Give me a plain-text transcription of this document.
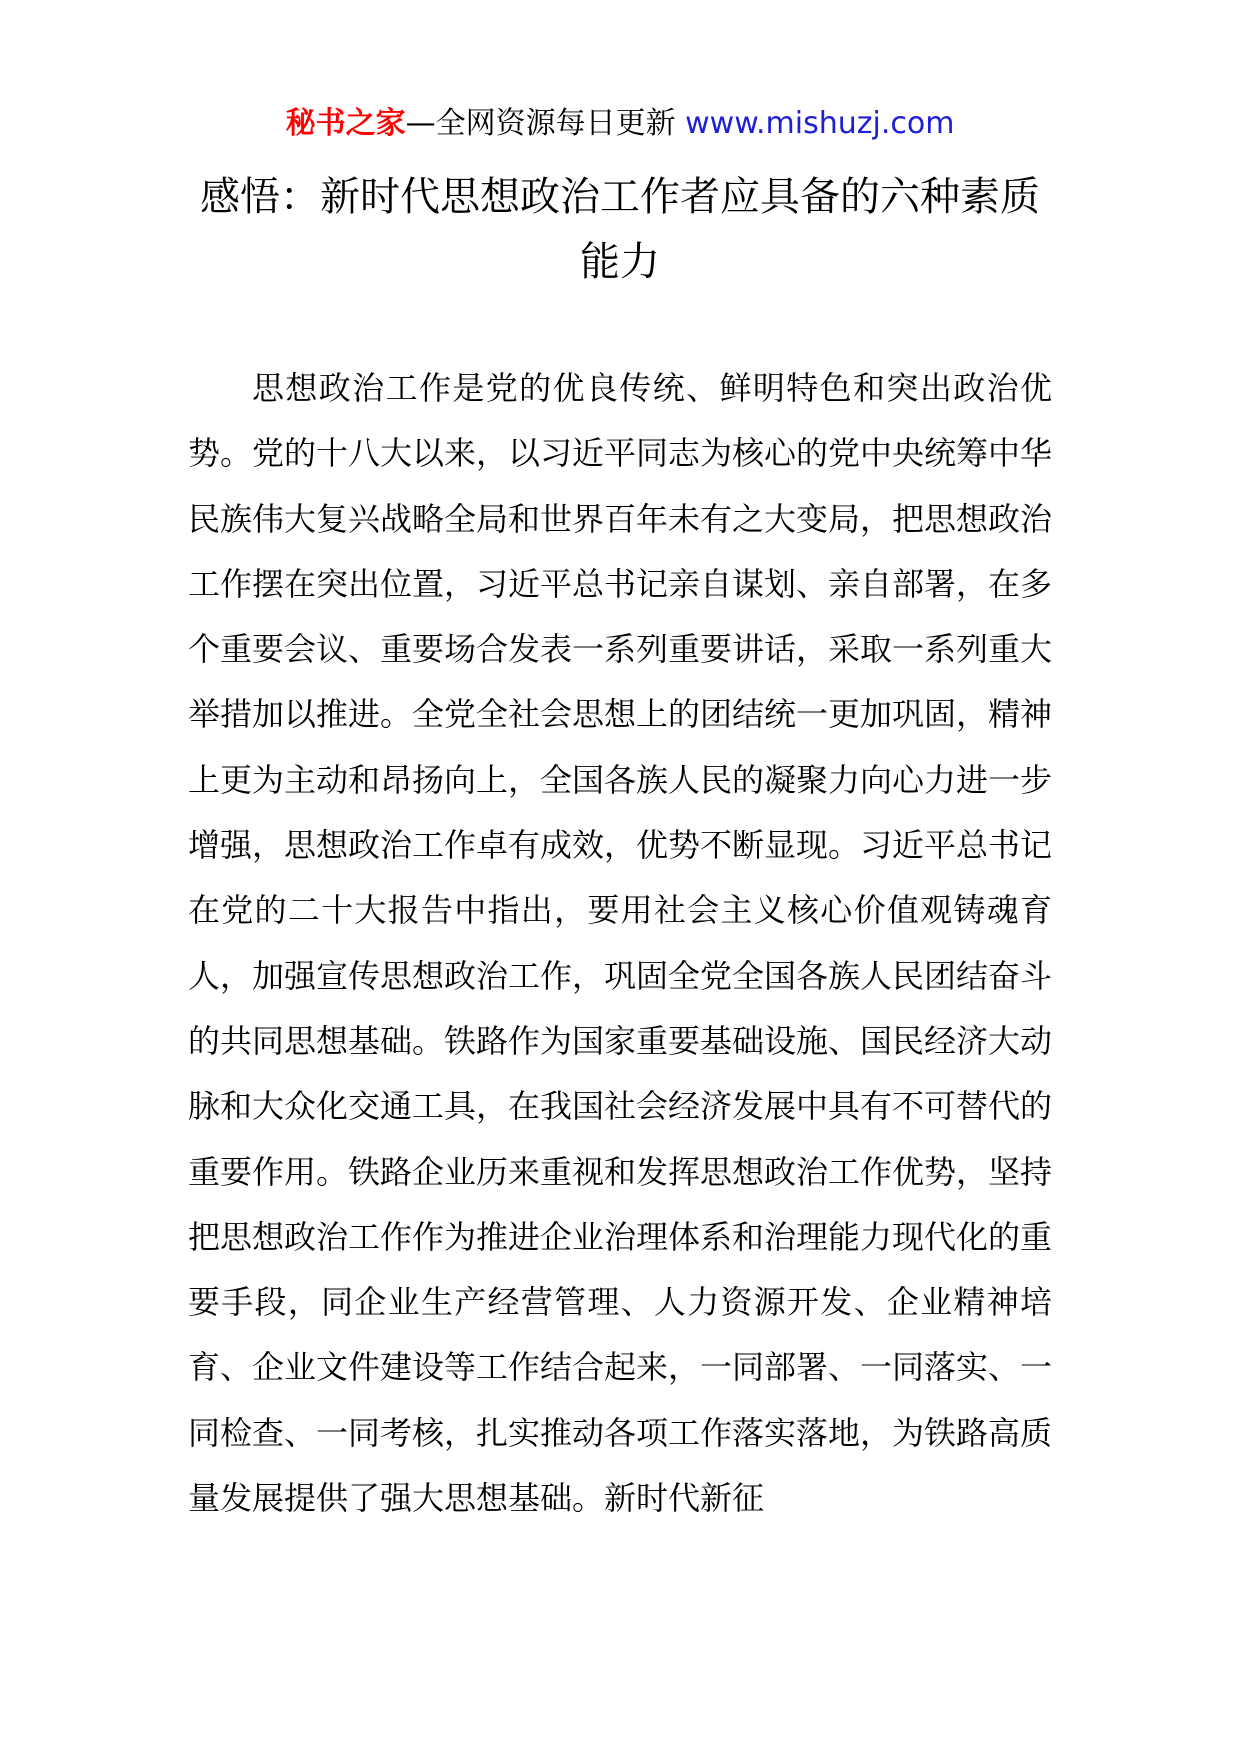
秘书之家—全网资源每日更新 www.mishuzj.com
感悟：新时代思想政治工作者应具备的六种素质能力

思想政治工作是党的优良传统、鲜明特色和突出政治优势。党的十八大以来，以习近平同志为核心的党中央统筹中华民族伟大复兴战略全局和世界百年未有之大变局，把思想政治工作摆在突出位置，习近平总书记亲自谋划、亲自部署，在多个重要会议、重要场合发表一系列重要讲话，采取一系列重大举措加以推进。全党全社会思想上的团结统一更加巩固，精神上更为主动和昂扬向上，全国各族人民的凝聚力向心力进一步增强，思想政治工作卓有成效，优势不断显现。习近平总书记在党的二十大报告中指出，要用社会主义核心价值观铸魂育人，加强宣传思想政治工作，巩固全党全国各族人民团结奋斗的共同思想基础。铁路作为国家重要基础设施、国民经济大动脉和大众化交通工具，在我国社会经济发展中具有不可替代的重要作用。铁路企业历来重视和发挥思想政治工作优势，坚持把思想政治工作作为推进企业治理体系和治理能力现代化的重要手段，同企业生产经营管理、人力资源开发、企业精神培育、企业文件建设等工作结合起来，一同部署、一同落实、一同检查、一同考核，扎实推动各项工作落实落地，为铁路高质量发展提供了强大思想基础。新时代新征
